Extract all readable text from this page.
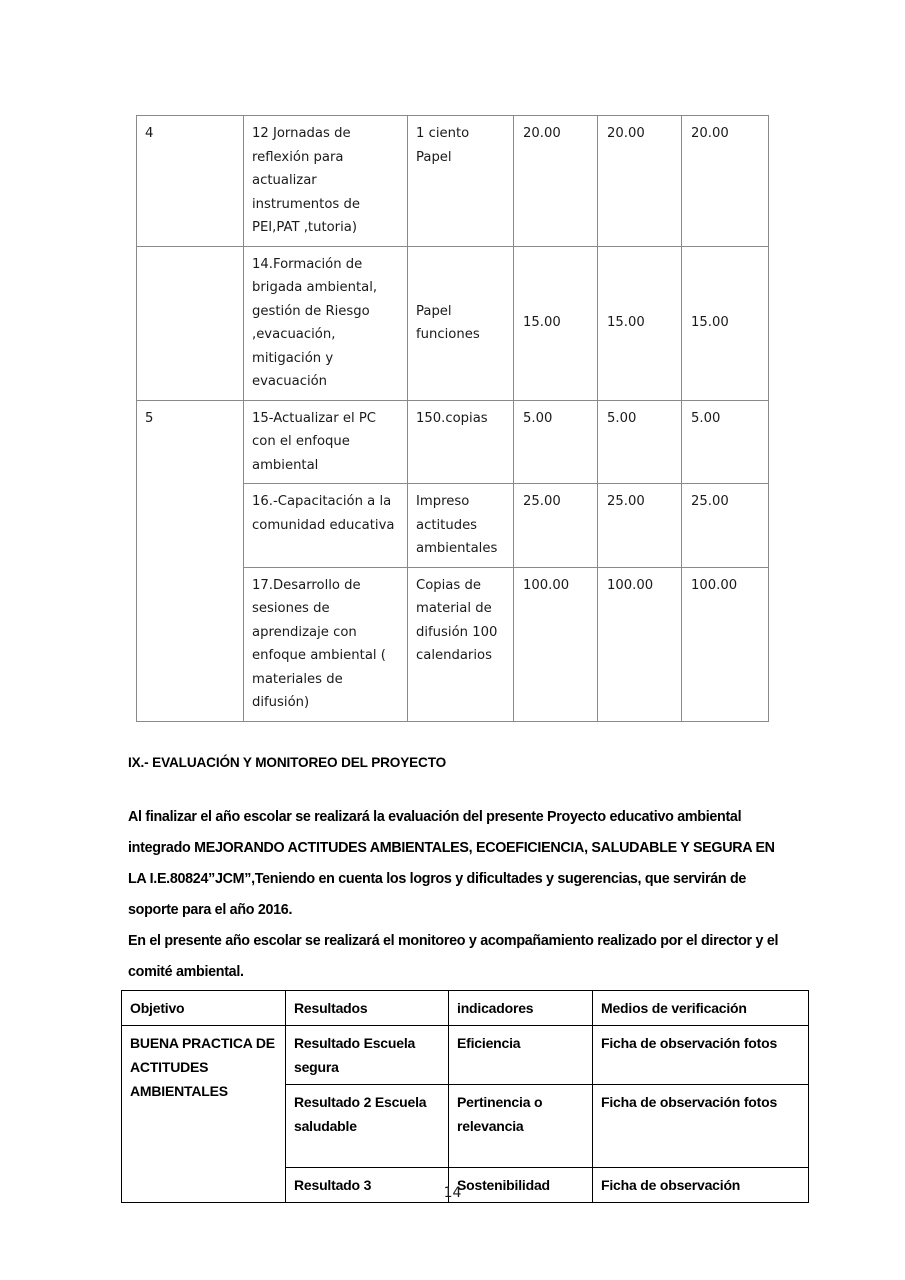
4	12 Jornadas de reflexión para actualizar instrumentos de PEI,PAT ,tutoria)	1 ciento Papel	20.00	20.00	20.00
	14.Formación de brigada ambiental, gestión de Riesgo ,evacuación, mitigación y evacuación	Papel funciones	15.00	15.00	15.00
5	15-Actualizar el PC con el enfoque ambiental	150.copias	5.00	5.00	5.00
	16.-Capacitación a la comunidad educativa	Impreso actitudes ambientales	25.00	25.00	25.00
	17.Desarrollo de sesiones de aprendizaje con enfoque ambiental ( materiales de difusión)	Copias de material de difusión 100 calendarios	100.00	100.00	100.00
IX.- EVALUACIÓN Y MONITOREO DEL PROYECTO

Al finalizar el año escolar se realizará la evaluación del presente Proyecto educativo ambiental integrado MEJORANDO ACTITUDES AMBIENTALES, ECOEFICIENCIA, SALUDABLE Y SEGURA EN LA I.E.80824”JCM”,Teniendo en cuenta los logros y dificultades y sugerencias, que servirán de soporte para el año 2016.

En el presente año escolar se realizará el monitoreo y acompañamiento realizado por el director y el comité ambiental.

Objetivo	Resultados	indicadores	Medios de verificación
BUENA PRACTICA DE ACTITUDES AMBIENTALES	Resultado Escuela segura	Eficiencia	Ficha de observación fotos
	Resultado 2 Escuela saludable	Pertinencia o relevancia	Ficha de observación fotos
	Resultado 3	Sostenibilidad	Ficha de observación
14
